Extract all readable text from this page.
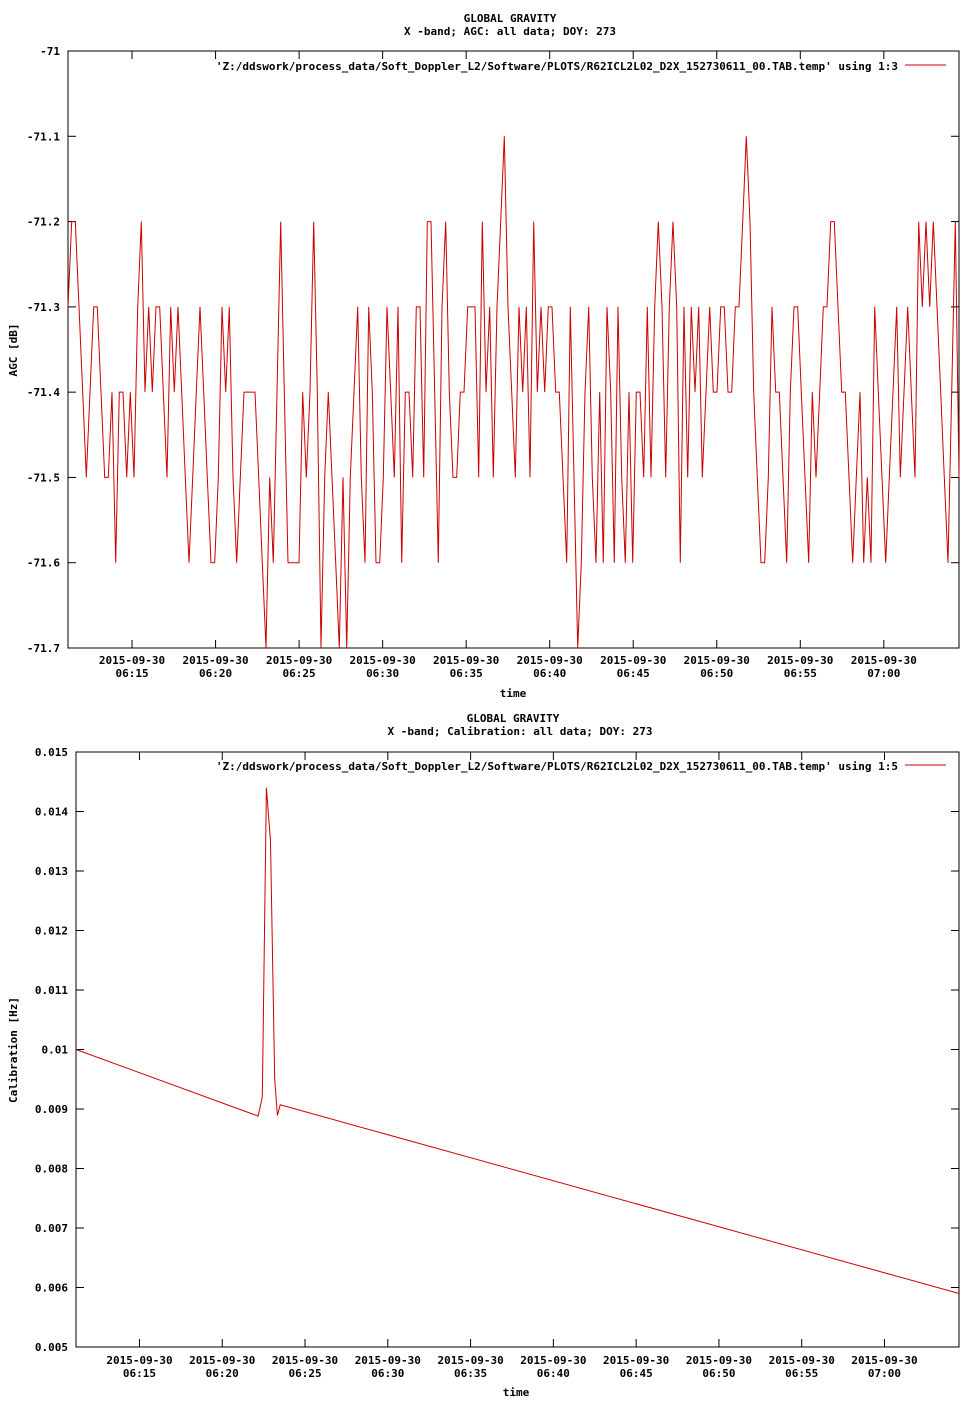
GLOBAL GRAVITY
X -band; AGC: all data; DOY: 273
-71
-71.1
-71.2
-71.3
-71.4
-71.5
-71.6
-71.7
2015-09-30
06:15
2015-09-30
06:20
2015-09-30
06:25
2015-09-30
06:30
2015-09-30
06:35
2015-09-30
06:40
2015-09-30
06:45
2015-09-30
06:50
2015-09-30
06:55
2015-09-30
07:00
AGC [dB]
time
'Z:/ddswork/process_data/Soft_Doppler_L2/Software/PLOTS/R62ICL2L02_D2X_152730611_00.TAB.temp' using 1:3
GLOBAL GRAVITY
X -band; Calibration: all data; DOY: 273
0.015
0.014
0.013
0.012
0.011
0.01
0.009
0.008
0.007
0.006
0.005
2015-09-30
06:15
2015-09-30
06:20
2015-09-30
06:25
2015-09-30
06:30
2015-09-30
06:35
2015-09-30
06:40
2015-09-30
06:45
2015-09-30
06:50
2015-09-30
06:55
2015-09-30
07:00
Calibration [Hz]
time
'Z:/ddswork/process_data/Soft_Doppler_L2/Software/PLOTS/R62ICL2L02_D2X_152730611_00.TAB.temp' using 1:5
